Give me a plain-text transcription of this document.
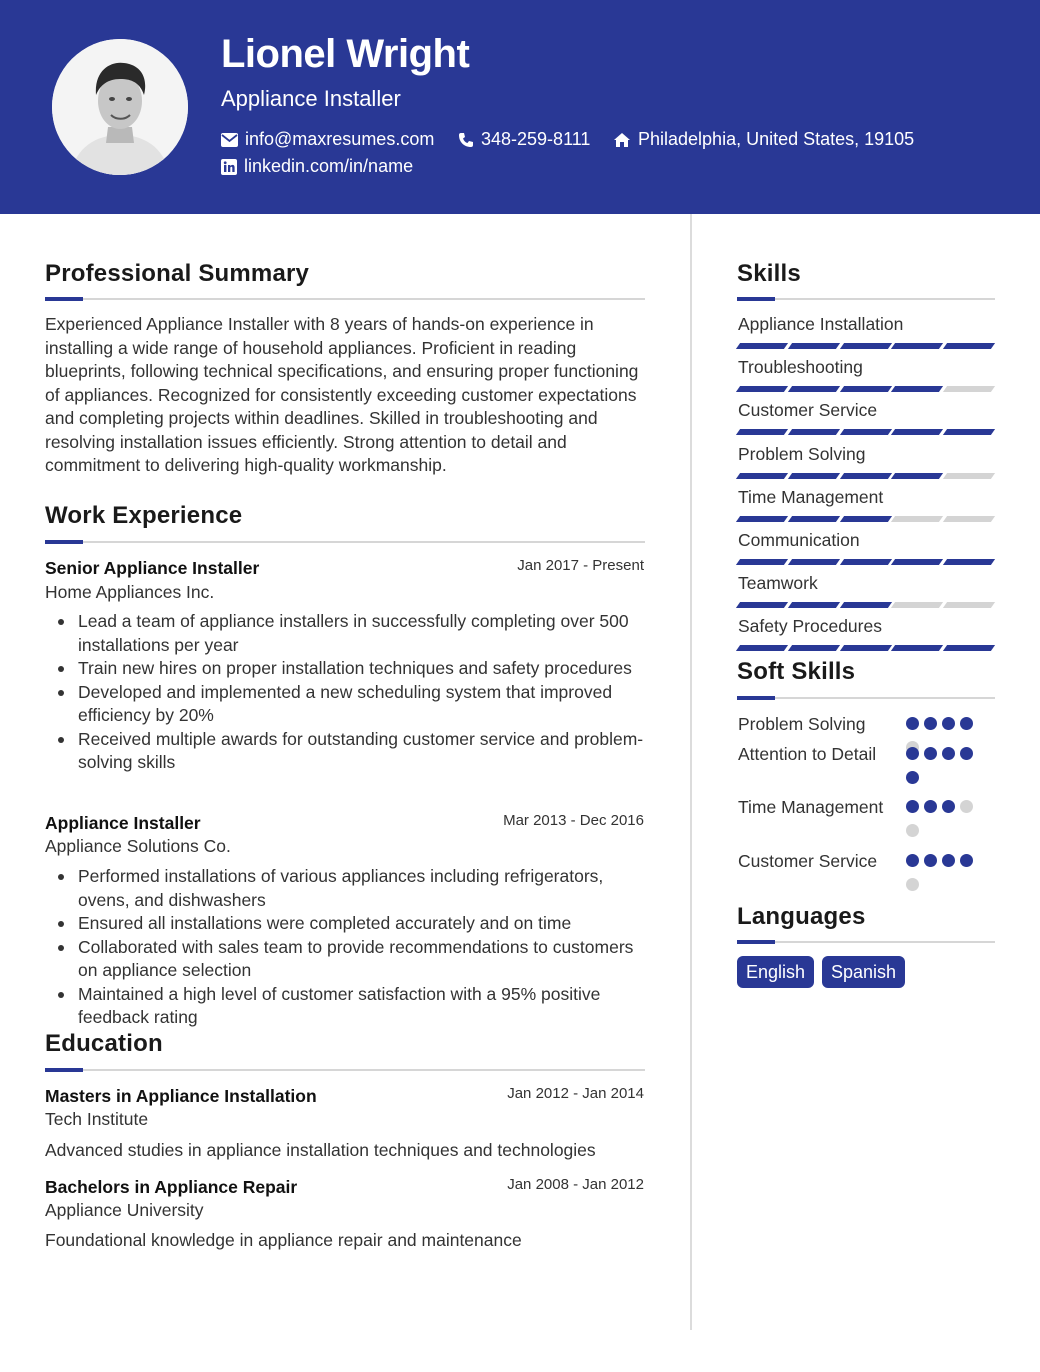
Lionel Wright
Appliance Installer
info@maxresumes.com	348-259-8111	Philadelphia, United States, 19105
linkedin.com/in/name
Professional Summary
Experienced Appliance Installer with 8 years of hands-on experience in installing a wide range of household appliances. Proficient in reading blueprints, following technical specifications, and ensuring proper functioning of appliances. Recognized for consistently exceeding customer expectations and completing projects within deadlines. Skilled in troubleshooting and resolving installation issues efficiently. Strong attention to detail and commitment to delivering high-quality workmanship.
Work Experience
Senior Appliance Installer	Jan 2017 - Present
Home Appliances Inc.
Lead a team of appliance installers in successfully completing over 500 installations per year
Train new hires on proper installation techniques and safety procedures
Developed and implemented a new scheduling system that improved efficiency by 20%
Received multiple awards for outstanding customer service and problem-solving skills
Appliance Installer	Mar 2013 - Dec 2016
Appliance Solutions Co.
Performed installations of various appliances including refrigerators, ovens, and dishwashers
Ensured all installations were completed accurately and on time
Collaborated with sales team to provide recommendations to customers on appliance selection
Maintained a high level of customer satisfaction with a 95% positive feedback rating
Education
Masters in Appliance Installation	Jan 2012 - Jan 2014
Tech Institute
Advanced studies in appliance installation techniques and technologies
Bachelors in Appliance Repair	Jan 2008 - Jan 2012
Appliance University
Foundational knowledge in appliance repair and maintenance
Skills
Appliance Installation
Troubleshooting
Customer Service
Problem Solving
Time Management
Communication
Teamwork
Safety Procedures
Soft Skills
Problem Solving
Attention to Detail
Time Management
Customer Service
Languages
English	Spanish
